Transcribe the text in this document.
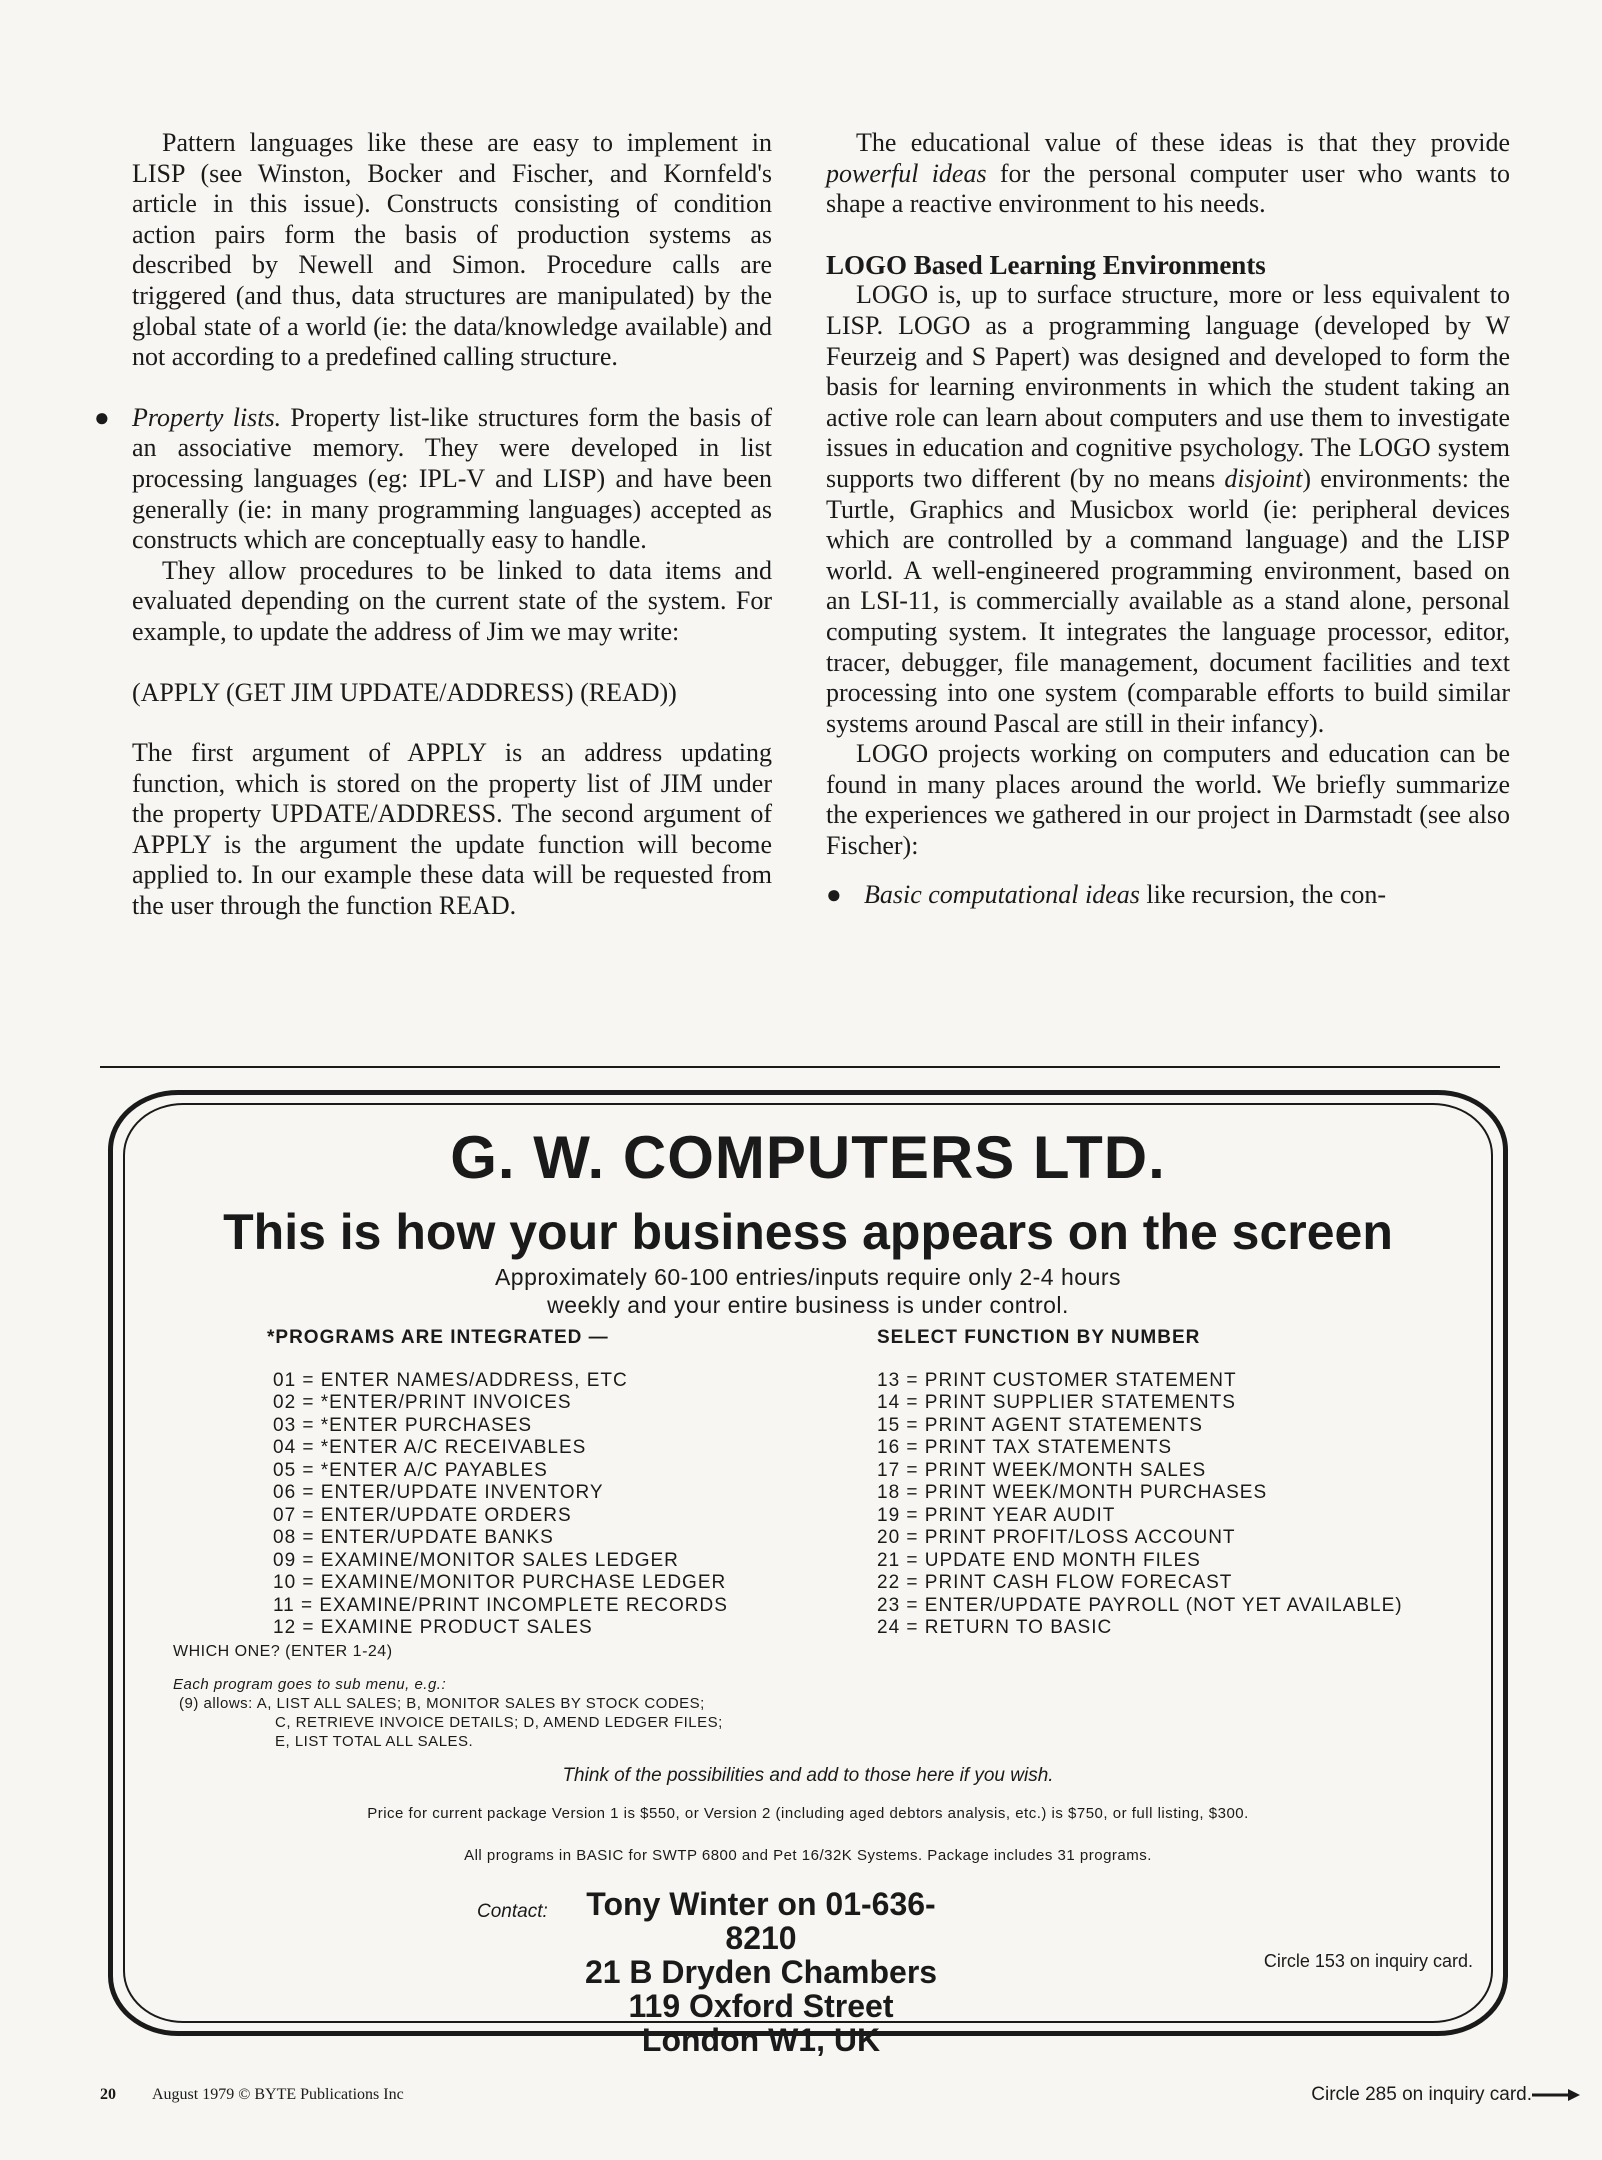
Pattern languages like these are easy to implement in LISP (see Winston, Bocker and Fischer, and Kornfeld's article in this issue). Constructs consisting of condition action pairs form the basis of production systems as described by Newell and Simon. Procedure calls are triggered (and thus, data structures are manipulated) by the global state of a world (ie: the data/knowledge available) and not according to a predefined calling structure.

● Property lists. Property list-like structures form the basis of an associative memory. They were developed in list processing languages (eg: IPL-V and LISP) and have been generally (ie: in many programming languages) accepted as constructs which are conceptually easy to handle.

They allow procedures to be linked to data items and evaluated depending on the current state of the system. For example, to update the address of Jim we may write:

(APPLY (GET JIM UPDATE/ADDRESS) (READ))

The first argument of APPLY is an address updating function, which is stored on the property list of JIM under the property UPDATE/ADDRESS. The second argument of APPLY is the argument the update function will become applied to. In our example these data will be requested from the user through the function READ.

The educational value of these ideas is that they provide powerful ideas for the personal computer user who wants to shape a reactive environment to his needs.

LOGO Based Learning Environments

LOGO is, up to surface structure, more or less equivalent to LISP. LOGO as a programming language (developed by W Feurzeig and S Papert) was designed and developed to form the basis for learning environments in which the student taking an active role can learn about computers and use them to investigate issues in education and cognitive psychology. The LOGO system supports two different (by no means disjoint) environments: the Turtle, Graphics and Musicbox world (ie: peripheral devices which are controlled by a command language) and the LISP world. A well-engineered programming environment, based on an LSI-11, is commercially available as a stand alone, personal computing system. It integrates the language processor, editor, tracer, debugger, file management, document facilities and text processing into one system (comparable efforts to build similar systems around Pascal are still in their infancy).

LOGO projects working on computers and education can be found in many places around the world. We briefly summarize the experiences we gathered in our project in Darmstadt (see also Fischer):

● Basic computational ideas like recursion, the con-

G. W. COMPUTERS LTD.
This is how your business appears on the screen
Approximately 60-100 entries/inputs require only 2-4 hours
weekly and your entire business is under control.
*PROGRAMS ARE INTEGRATED —
01 = ENTER NAMES/ADDRESS, ETC
02 = *ENTER/PRINT INVOICES
03 = *ENTER PURCHASES
04 = *ENTER A/C RECEIVABLES
05 = *ENTER A/C PAYABLES
06 = ENTER/UPDATE INVENTORY
07 = ENTER/UPDATE ORDERS
08 = ENTER/UPDATE BANKS
09 = EXAMINE/MONITOR SALES LEDGER
10 = EXAMINE/MONITOR PURCHASE LEDGER
11 = EXAMINE/PRINT INCOMPLETE RECORDS
12 = EXAMINE PRODUCT SALES
SELECT FUNCTION BY NUMBER
13 = PRINT CUSTOMER STATEMENT
14 = PRINT SUPPLIER STATEMENTS
15 = PRINT AGENT STATEMENTS
16 = PRINT TAX STATEMENTS
17 = PRINT WEEK/MONTH SALES
18 = PRINT WEEK/MONTH PURCHASES
19 = PRINT YEAR AUDIT
20 = PRINT PROFIT/LOSS ACCOUNT
21 = UPDATE END MONTH FILES
22 = PRINT CASH FLOW FORECAST
23 = ENTER/UPDATE PAYROLL (NOT YET AVAILABLE)
24 = RETURN TO BASIC
WHICH ONE? (ENTER 1-24)
Each program goes to sub menu, e.g.:
(9) allows: A, LIST ALL SALES; B, MONITOR SALES BY STOCK CODES;
C, RETRIEVE INVOICE DETAILS; D, AMEND LEDGER FILES;
E, LIST TOTAL ALL SALES.
Think of the possibilities and add to those here if you wish.
Price for current package Version 1 is $550, or Version 2 (including aged debtors analysis, etc.) is $750, or full listing, $300.
All programs in BASIC for SWTP 6800 and Pet 16/32K Systems. Package includes 31 programs.
Contact:	Tony Winter on 01-636-8210
21 B Dryden Chambers
119 Oxford Street
London W1, UK
Circle 153 on inquiry card.
20 August 1979 © BYTE Publications Inc	Circle 285 on inquiry card.
